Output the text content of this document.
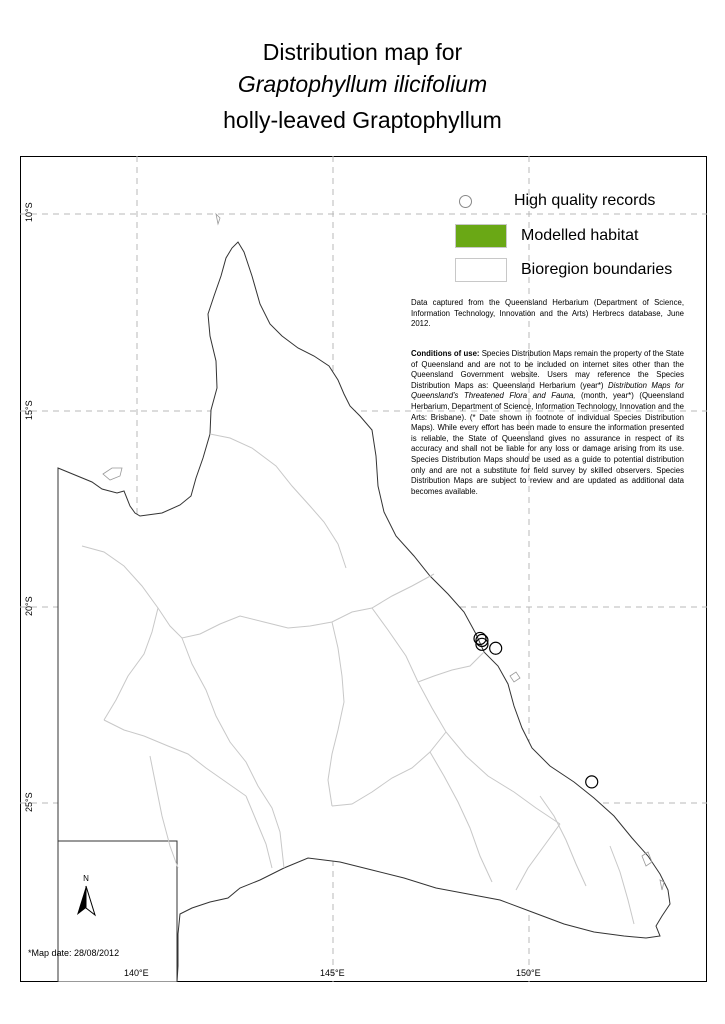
Distribution map for
Graptophyllum ilicifolium
holly-leaved Graptophyllum
10°S
15°S
20°S
25°S
140°E	145°E	150°E
High quality records
Modelled habitat
Bioregion boundaries
Data captured from the Queensland Herbarium (Department of Science, Information Technology, Innovation and the Arts) Herbrecs database, June 2012.
Conditions of use: Species Distribution Maps remain the property of the State of Queensland and are not to be included on internet sites other than the Queensland Government website. Users may reference the Species Distribution Maps as: Queensland Herbarium (year*) Distribution Maps for Queensland's Threatened Flora and Fauna, (month, year*) (Queensland Herbarium, Department of Science, Information Technology, Innovation and the Arts: Brisbane). (* Date shown in footnote of individual Species Distribution Maps). While every effort has been made to ensure the information presented is reliable, the State of Queensland gives no assurance in respect of its accuracy and shall not be liable for any loss or damage arising from its use. Species Distribution Maps should be used as a guide to potential distribution only and are not a substitute for field survey by skilled observers. Species Distribution Maps are subject to review and are updated as additional data becomes available.
N
*Map date: 28/08/2012
